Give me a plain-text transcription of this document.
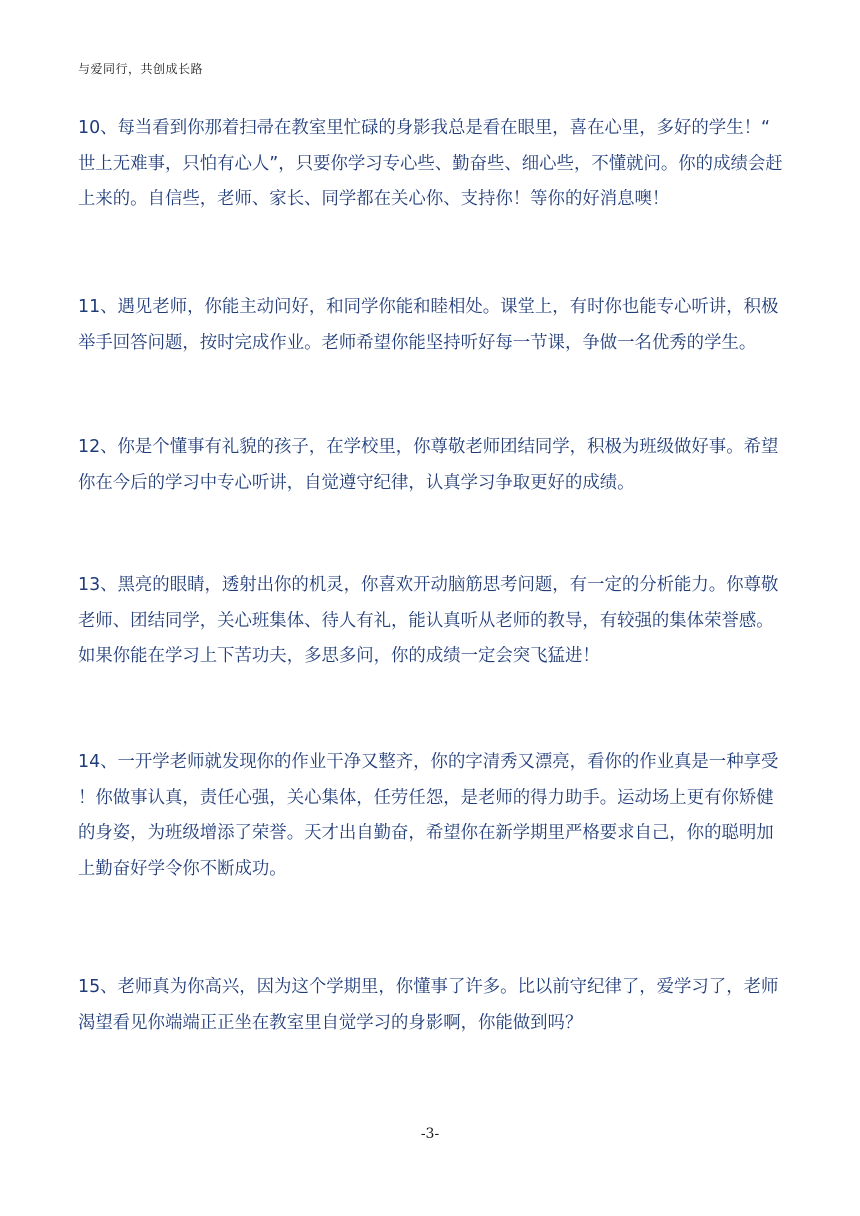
与爱同行，共创成长路

10、每当看到你那着扫帚在教室里忙碌的身影我总是看在眼里，喜在心里，多好的学生！“世上无难事，只怕有心人”，只要你学习专心些、勤奋些、细心些，不懂就问。你的成绩会赶上来的。自信些，老师、家长、同学都在关心你、支持你！等你的好消息噢！

11、遇见老师，你能主动问好，和同学你能和睦相处。课堂上，有时你也能专心听讲，积极举手回答问题，按时完成作业。老师希望你能坚持听好每一节课，争做一名优秀的学生。

12、你是个懂事有礼貌的孩子，在学校里，你尊敬老师团结同学，积极为班级做好事。希望你在今后的学习中专心听讲，自觉遵守纪律，认真学习争取更好的成绩。

13、黑亮的眼睛，透射出你的机灵，你喜欢开动脑筋思考问题，有一定的分析能力。你尊敬老师、团结同学，关心班集体、待人有礼，能认真听从老师的教导，有较强的集体荣誉感。如果你能在学习上下苦功夫，多思多问，你的成绩一定会突飞猛进！

14、一开学老师就发现你的作业干净又整齐，你的字清秀又漂亮，看你的作业真是一种享受！你做事认真，责任心强，关心集体，任劳任怨，是老师的得力助手。运动场上更有你矫健的身姿，为班级增添了荣誉。天才出自勤奋，希望你在新学期里严格要求自己，你的聪明加上勤奋好学令你不断成功。

15、老师真为你高兴，因为这个学期里，你懂事了许多。比以前守纪律了，爱学习了，老师渴望看见你端端正正坐在教室里自觉学习的身影啊，你能做到吗？

-3-
